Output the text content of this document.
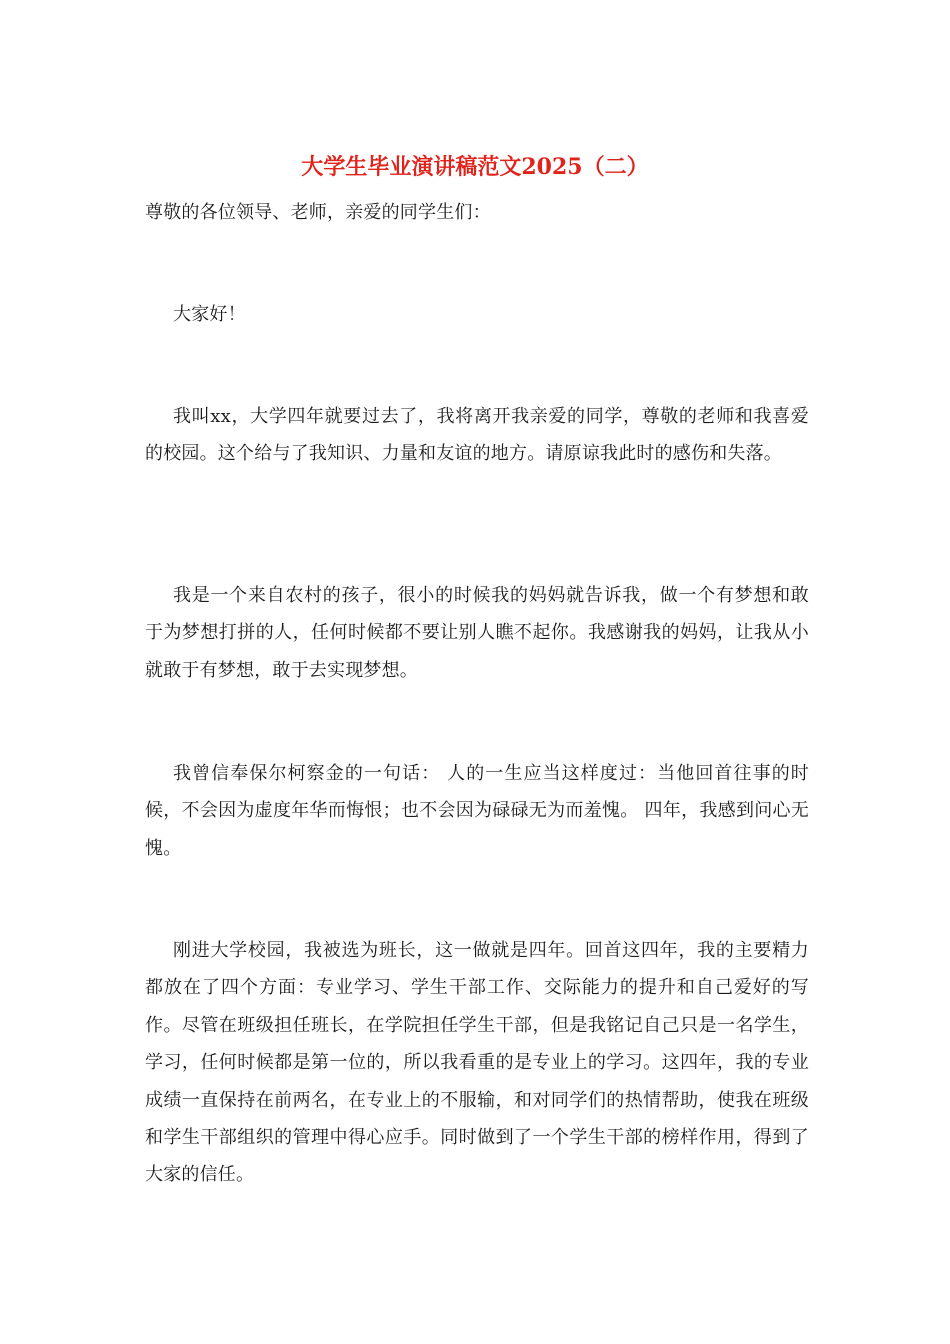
大学生毕业演讲稿范文2025（二）

尊敬的各位领导、老师，亲爱的同学生们：

大家好！

我叫xx，大学四年就要过去了，我将离开我亲爱的同学，尊敬的老师和我喜爱的校园。这个给与了我知识、力量和友谊的地方。请原谅我此时的感伤和失落。

我是一个来自农村的孩子，很小的时候我的妈妈就告诉我，做一个有梦想和敢于为梦想打拼的人，任何时候都不要让别人瞧不起你。我感谢我的妈妈，让我从小就敢于有梦想，敢于去实现梦想。

我曾信奉保尔柯察金的一句话： 人的一生应当这样度过：当他回首往事的时候，不会因为虚度年华而悔恨；也不会因为碌碌无为而羞愧。 四年，我感到问心无愧。

刚进大学校园，我被选为班长，这一做就是四年。回首这四年，我的主要精力都放在了四个方面：专业学习、学生干部工作、交际能力的提升和自己爱好的写作。尽管在班级担任班长，在学院担任学生干部，但是我铭记自己只是一名学生，学习，任何时候都是第一位的，所以我看重的是专业上的学习。这四年，我的专业成绩一直保持在前两名，在专业上的不服输，和对同学们的热情帮助，使我在班级和学生干部组织的管理中得心应手。同时做到了一个学生干部的榜样作用，得到了大家的信任。
